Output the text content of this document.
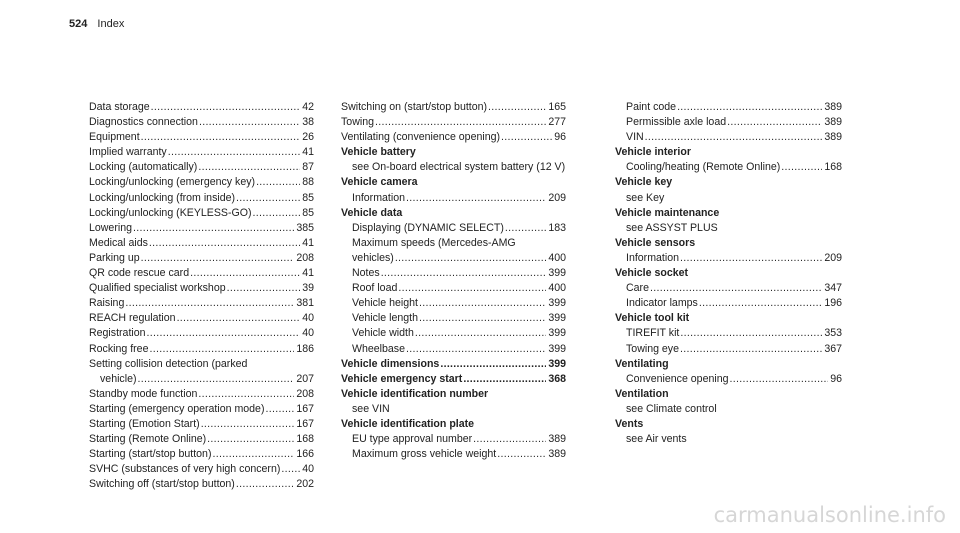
524 Index
Data storage .....	42
Diagnostics connection .....	38
Equipment .....	26
Implied warranty .....	41
Locking (automatically) .....	87
Locking/unlocking (emergency key) .....	88
Locking/unlocking (from inside) .....	85
Locking/unlocking (KEYLESS-GO) .....	85
Lowering .....	385
Medical aids .....	41
Parking up .....	208
QR code rescue card .....	41
Qualified specialist workshop .....	39
Raising .....	381
REACH regulation .....	40
Registration .....	40
Rocking free .....	186
Setting collision detection (parked
vehicle) .....	207
Standby mode function .....	208
Starting (emergency operation mode) .....	167
Starting (Emotion Start) .....	167
Starting (Remote Online) .....	168
Starting (start/stop button) .....	166
SVHC (substances of very high concern) ..... 40
Switching off (start/stop button) .....	202
Switching on (start/stop button) .....	165
Towing .....	277
Ventilating (convenience opening) .....	96
Vehicle battery
see On-board electrical system battery (12 V)
Vehicle camera
Information .....	209
Vehicle data
Displaying (DYNAMIC SELECT) .....	183
Maximum speeds (Mercedes-AMG
vehicles) .....	400
Notes .....	399
Roof load .....	400
Vehicle height .....	399
Vehicle length .....	399
Vehicle width .....	399
Wheelbase .....	399
Vehicle dimensions .....	399
Vehicle emergency start .....	368
Vehicle identification number
see VIN
Vehicle identification plate
EU type approval number .....	389
Maximum gross vehicle weight .....	389
Paint code .....	389
Permissible axle load .....	389
VIN .....	389
Vehicle interior
Cooling/heating (Remote Online) .....	168
Vehicle key
see Key
Vehicle maintenance
see ASSYST PLUS
Vehicle sensors
Information .....	209
Vehicle socket
Care .....	347
Indicator lamps .....	196
Vehicle tool kit
TIREFIT kit .....	353
Towing eye .....	367
Ventilating
Convenience opening .....	96
Ventilation
see Climate control
Vents
see Air vents
carmanualsonline.info
